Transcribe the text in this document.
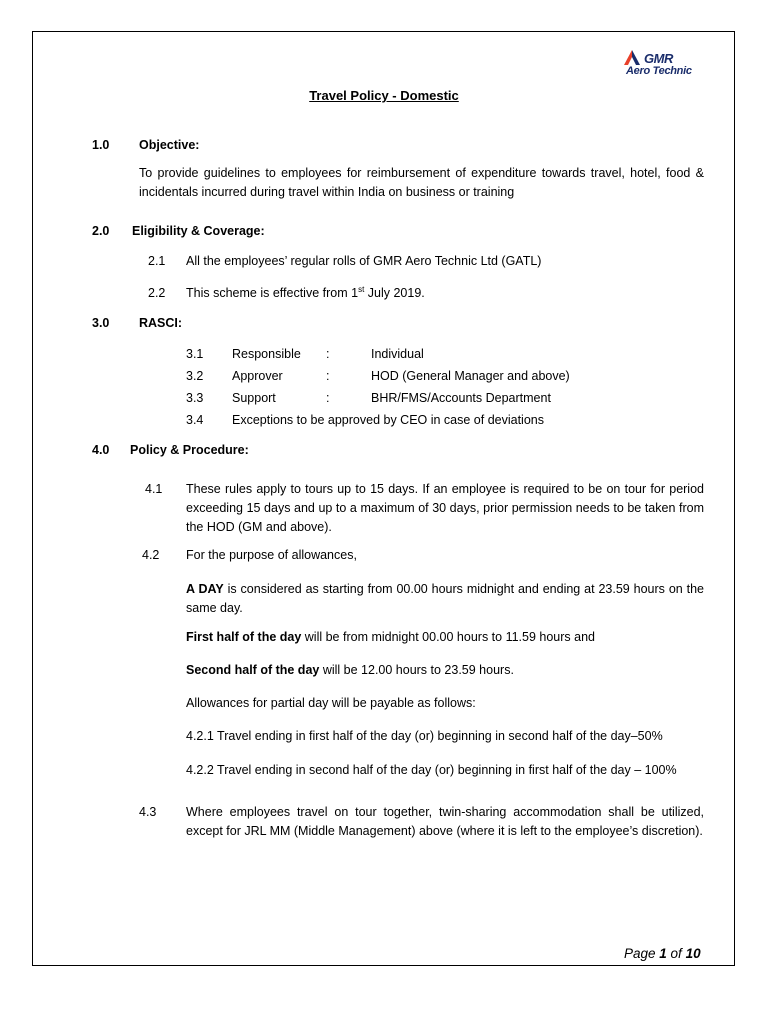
GMR
Aero Technic
Travel Policy - Domestic
1.0 Objective:
To provide guidelines to employees for reimbursement of expenditure towards travel, hotel, food & incidentals incurred during travel within India on business or training
2.0 Eligibility & Coverage:
2.1 All the employees’ regular rolls of GMR Aero Technic Ltd (GATL)
2.2 This scheme is effective from 1st July 2019.
3.0 RASCI:
3.1 Responsible :	Individual
3.2 Approver	:	HOD (General Manager and above)
3.3 Support	:	BHR/FMS/Accounts Department
3.4 Exceptions to be approved by CEO in case of deviations
4.0 Policy & Procedure:
4.1 These rules apply to tours up to 15 days. If an employee is required to be on tour for period exceeding 15 days and up to a maximum of 30 days, prior permission needs to be taken from the HOD (GM and above).
4.2 For the purpose of allowances,
A DAY is considered as starting from 00.00 hours midnight and ending at 23.59 hours on the same day.
First half of the day will be from midnight 00.00 hours to 11.59 hours and
Second half of the day will be 12.00 hours to 23.59 hours.
Allowances for partial day will be payable as follows:
4.2.1 Travel ending in first half of the day (or) beginning in second half of the day–50%
4.2.2 Travel ending in second half of the day (or) beginning in first half of the day – 100%
4.3 Where employees travel on tour together, twin-sharing accommodation shall be utilized, except for JRL MM (Middle Management) above (where it is left to the employee’s discretion).
Page 1 of 10
